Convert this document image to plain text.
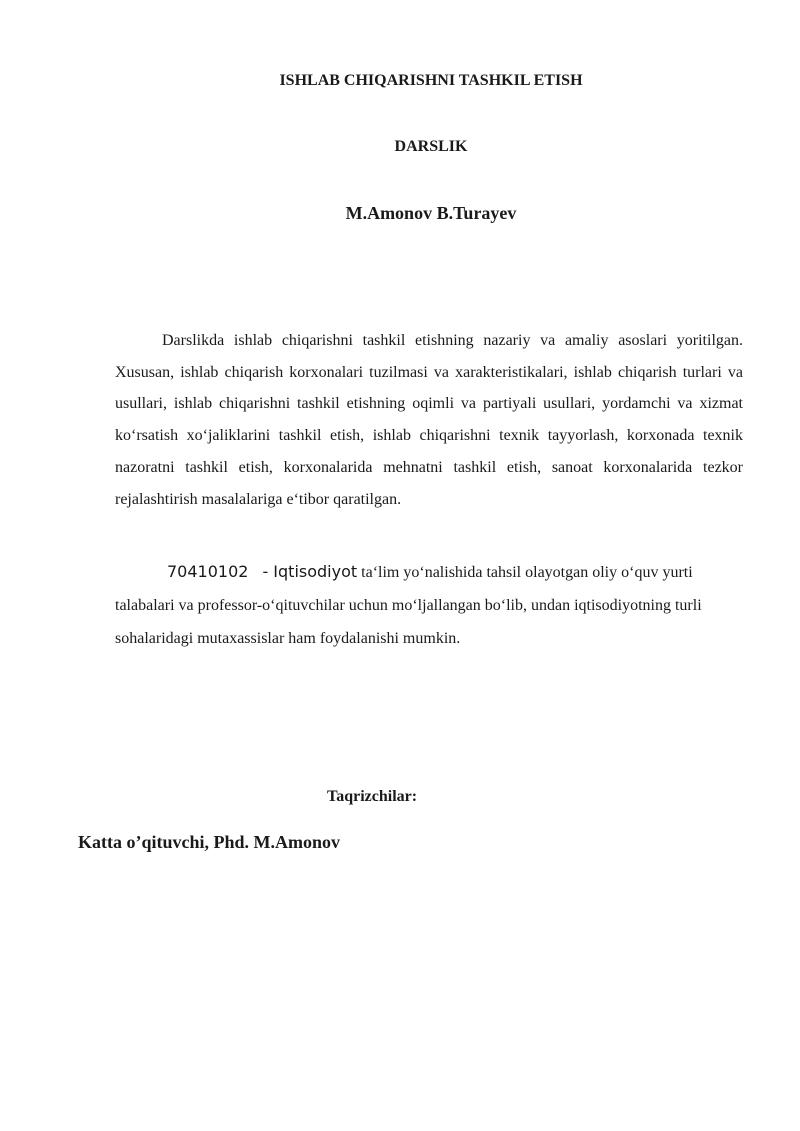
ISHLAB CHIQARISHNI TASHKIL ETISH
DARSLIK
M.Amonov B.Turayev

Darslikda ishlab chiqarishni tashkil etishning nazariy va amaliy asoslari yoritilgan. Xususan, ishlab chiqarish korxonalari tuzilmasi va xarakteristikalari, ishlab chiqarish turlari va usullari, ishlab chiqarishni tashkil etishning oqimli va partiyali usullari, yordamchi va xizmat ko‘rsatish xo‘jaliklarini tashkil etish, ishlab chiqarishni texnik tayyorlash, korxonada texnik nazoratni tashkil etish, korxonalarida mehnatni tashkil etish, sanoat korxonalarida tezkor rejalashtirish masalalariga e‘tibor qaratilgan.

70410102 - Iqtisodiyot ta‘lim yo‘nalishida tahsil olayotgan oliy o‘quv yurti talabalari va professor-o‘qituvchilar uchun mo‘ljallangan bo‘lib, undan iqtisodiyotning turli sohalaridagi mutaxassislar ham foydalanishi mumkin.

Taqrizchilar:

Katta o’qituvchi, Phd. M.Amonov
